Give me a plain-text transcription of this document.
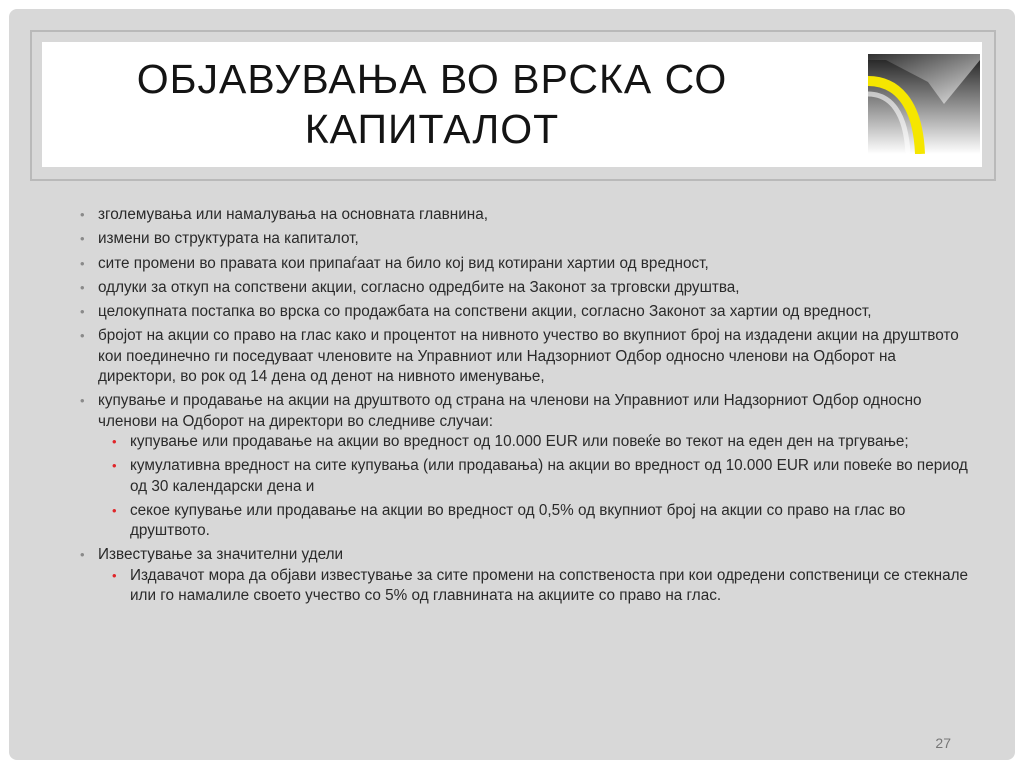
ОБЈАВУВАЊА ВО ВРСКА СО КАПИТАЛОТ
• зголемувања или намалувања на основната главнина,
• измени во структурата на капиталот,
• сите промени во правата кои припаѓаат на било кој вид котирани хартии од вредност,
• одлуки за откуп на сопствени акции, согласно одредбите на Законот за трговски друштва,
• целокупната постапка во врска со продажбата на сопствени акции, согласно Законот за хартии од вредност,
• бројот на акции со право на глас како и процентот на нивното учество во вкупниот број на издадени акции на друштвото кои поединечно ги поседуваат членовите на Управниот или Надзорниот Одбор односно членови на Одборот на директори, во рок од 14 дена од денот на нивното именување,
• купување и продавање на акции на друштвото од страна на членови на Управниот или Надзорниот Одбор односно членови на Одборот на директори во следниве случаи:
• купување или продавање на акции во вредност од 10.000 EUR или повеќе во текот на еден ден на тргување;
• кумулативна вредност на сите купувања (или продавања) на акции во вредност од 10.000 EUR или повеќе во период од 30 календарски дена и
• секое купување или продавање на акции во вредност од 0,5% од вкупниот број на акции со право на глас во друштвото.
• Известување за значителни удели
• Издавачот мора да објави известување за сите промени на сопственоста при кои одредени сопственици се стекнале или го намалиле своето учество со 5% од главнината на акциите со право на глас.
27
